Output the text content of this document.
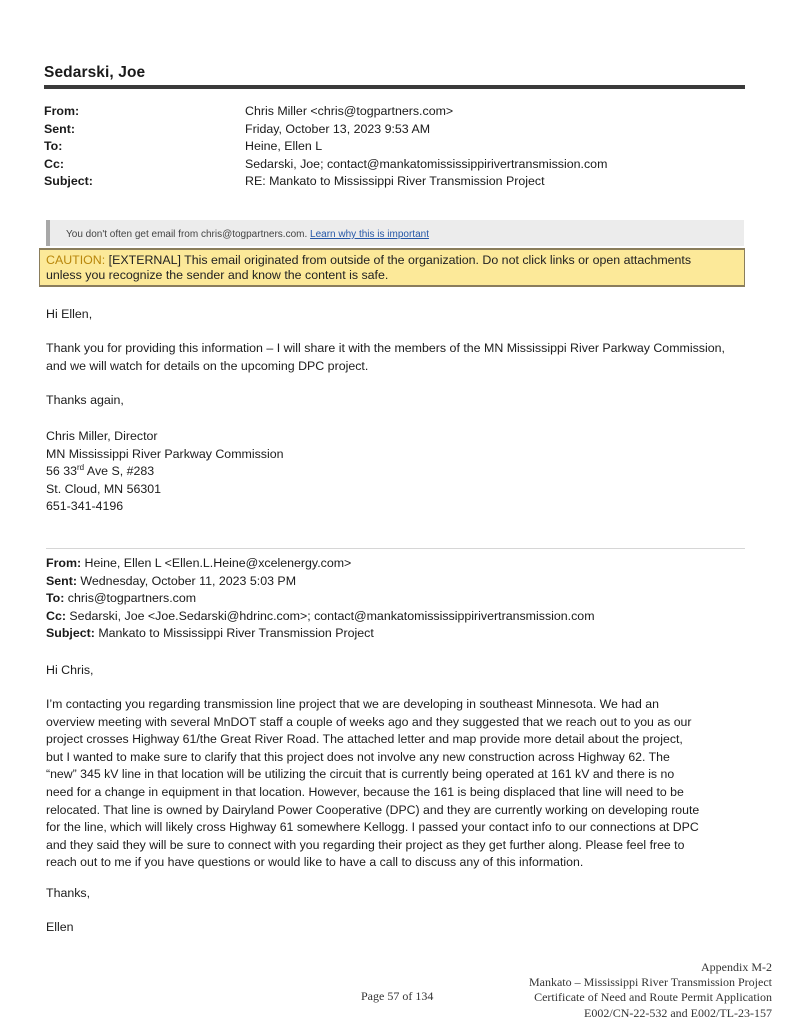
Sedarski, Joe
From:	Chris Miller <chris@togpartners.com>
Sent:	Friday, October 13, 2023 9:53 AM
To:	Heine, Ellen L
Cc:	Sedarski, Joe; contact@mankatomississippirivertransmission.com
Subject:	RE: Mankato to Mississippi River Transmission Project
You don't often get email from chris@togpartners.com. Learn why this is important
CAUTION: [EXTERNAL] This email originated from outside of the organization. Do not click links or open attachments
unless you recognize the sender and know the content is safe.
Hi Ellen,
Thank you for providing this information – I will share it with the members of the MN Mississippi River Parkway Commission, and we will watch for details on the upcoming DPC project.
Thanks again,
Chris Miller, Director
MN Mississippi River Parkway Commission
56 33rd Ave S, #283
St. Cloud, MN 56301
651-341-4196
From: Heine, Ellen L <Ellen.L.Heine@xcelenergy.com>
Sent: Wednesday, October 11, 2023 5:03 PM
To: chris@togpartners.com
Cc: Sedarski, Joe <Joe.Sedarski@hdrinc.com>; contact@mankatomississippirivertransmission.com
Subject: Mankato to Mississippi River Transmission Project
Hi Chris,
I’m contacting you regarding transmission line project that we are developing in southeast Minnesota. We had an
overview meeting with several MnDOT staff a couple of weeks ago and they suggested that we reach out to you as our
project crosses Highway 61/the Great River Road. The attached letter and map provide more detail about the project,
but I wanted to make sure to clarify that this project does not involve any new construction across Highway 62. The
“new” 345 kV line in that location will be utilizing the circuit that is currently being operated at 161 kV and there is no
need for a change in equipment in that location. However, because the 161 is being displaced that line will need to be
relocated. That line is owned by Dairyland Power Cooperative (DPC) and they are currently working on developing route
for the line, which will likely cross Highway 61 somewhere Kellogg. I passed your contact info to our connections at DPC
and they said they will be sure to connect with you regarding their project as they get further along. Please feel free to
reach out to me if you have questions or would like to have a call to discuss any of this information.
Thanks,
Ellen
Page 57 of 134
Appendix M-2
Mankato – Mississippi River Transmission Project
Certificate of Need and Route Permit Application
E002/CN-22-532 and E002/TL-23-157
